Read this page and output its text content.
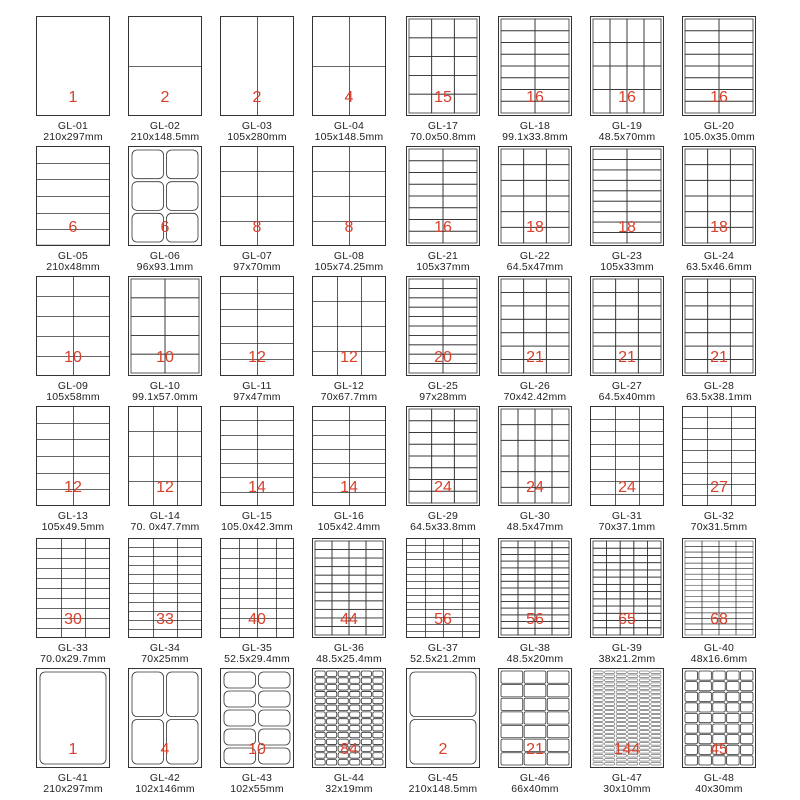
1
GL-01
210x297mm
2
GL-02
210x148.5mm
2
GL-03
105x280mm
4
GL-04
105x148.5mm
15
GL-17
70.0x50.8mm
16
GL-18
99.1x33.8mm
16
GL-19
48.5x70mm
16
GL-20
105.0x35.0mm
6
GL-05
210x48mm
6
GL-06
96x93.1mm
8
GL-07
97x70mm
8
GL-08
105x74.25mm
16
GL-21
105x37mm
18
GL-22
64.5x47mm
18
GL-23
105x33mm
18
GL-24
63.5x46.6mm
10
GL-09
105x58mm
10
GL-10
99.1x57.0mm
12
GL-11
97x47mm
12
GL-12
70x67.7mm
20
GL-25
97x28mm
21
GL-26
70x42.42mm
21
GL-27
64.5x40mm
21
GL-28
63.5x38.1mm
12
GL-13
105x49.5mm
12
GL-14
70. 0x47.7mm
14
GL-15
105.0x42.3mm
14
GL-16
105x42.4mm
24
GL-29
64.5x33.8mm
24
GL-30
48.5x47mm
24
GL-31
70x37.1mm
27
GL-32
70x31.5mm
30
GL-33
70.0x29.7mm
33
GL-34
70x25mm
40
GL-35
52.5x29.4mm
44
GL-36
48.5x25.4mm
56
GL-37
52.5x21.2mm
56
GL-38
48.5x20mm
65
GL-39
38x21.2mm
68
GL-40
48x16.6mm
1
GL-41
210x297mm
4
GL-42
102x146mm
10
GL-43
102x55mm
84
GL-44
32x19mm
2
GL-45
210x148.5mm
21
GL-46
66x40mm
144
GL-47
30x10mm
45
GL-48
40x30mm
